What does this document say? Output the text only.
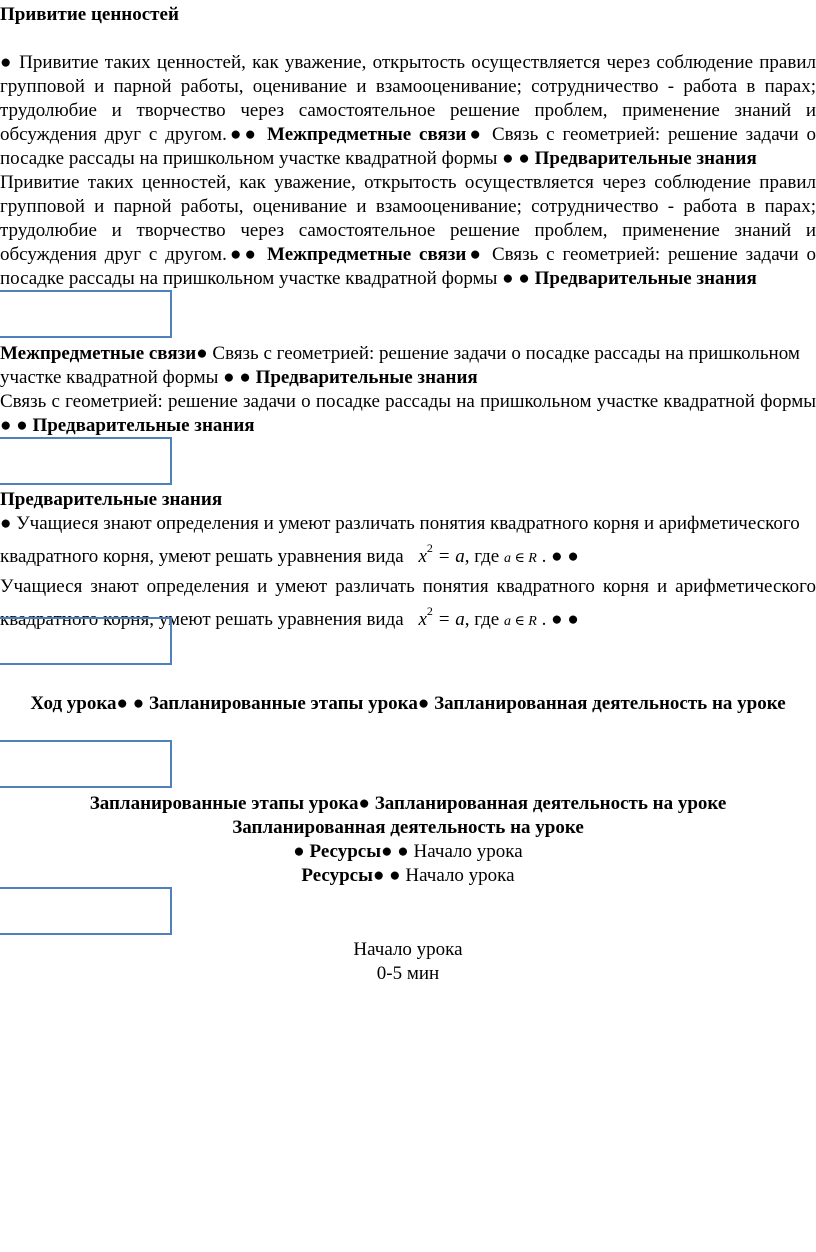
Привитие ценностей
● Привитие таких ценностей, как уважение, открытость осуществляется через соблюдение правил групповой и парной работы, оценивание и взамооценивание; сотрудничество - работа в парах; трудолюбие и творчество через самостоятельное решение проблем, применение знаний и обсуждения друг с другом.●● Межпредметные связи● Связь с геометрией: решение задачи о посадке рассады на пришкольном участке квадратной формы ● ● Предварительные знания
Привитие таких ценностей, как уважение, открытость осуществляется через соблюдение правил групповой и парной работы, оценивание и взамооценивание; сотрудничество - работа в парах; трудолюбие и творчество через самостоятельное решение проблем, применение знаний и обсуждения друг с другом.●● Межпредметные связи● Связь с геометрией: решение задачи о посадке рассады на пришкольном участке квадратной формы ● ● Предварительные знания
Межпредметные связи● Связь с геометрией: решение задачи о посадке рассады на пришкольном участке квадратной формы ● ● Предварительные знания
Связь с геометрией: решение задачи о посадке рассады на пришкольном участке квадратной формы ● ● Предварительные знания
Предварительные знания
● Учащиеся знают определения и умеют различать понятия квадратного корня и арифметического квадратного корня, умеют решать уравнения вида $x^2 = a$, где a ∈ R . ● ●
Учащиеся знают определения и умеют различать понятия квадратного корня и арифметического квадратного корня, умеют решать уравнения вида $x^2 = a$, где a ∈ R . ● ●
Ход урока● ● Запланированные этапы урока● Запланированная деятельность на уроке
Запланированные этапы урока● Запланированная деятельность на уроке
Запланированная деятельность на уроке
● Ресурсы● ● Начало урока
Ресурсы● ● Начало урока
Начало урока
0-5 мин
